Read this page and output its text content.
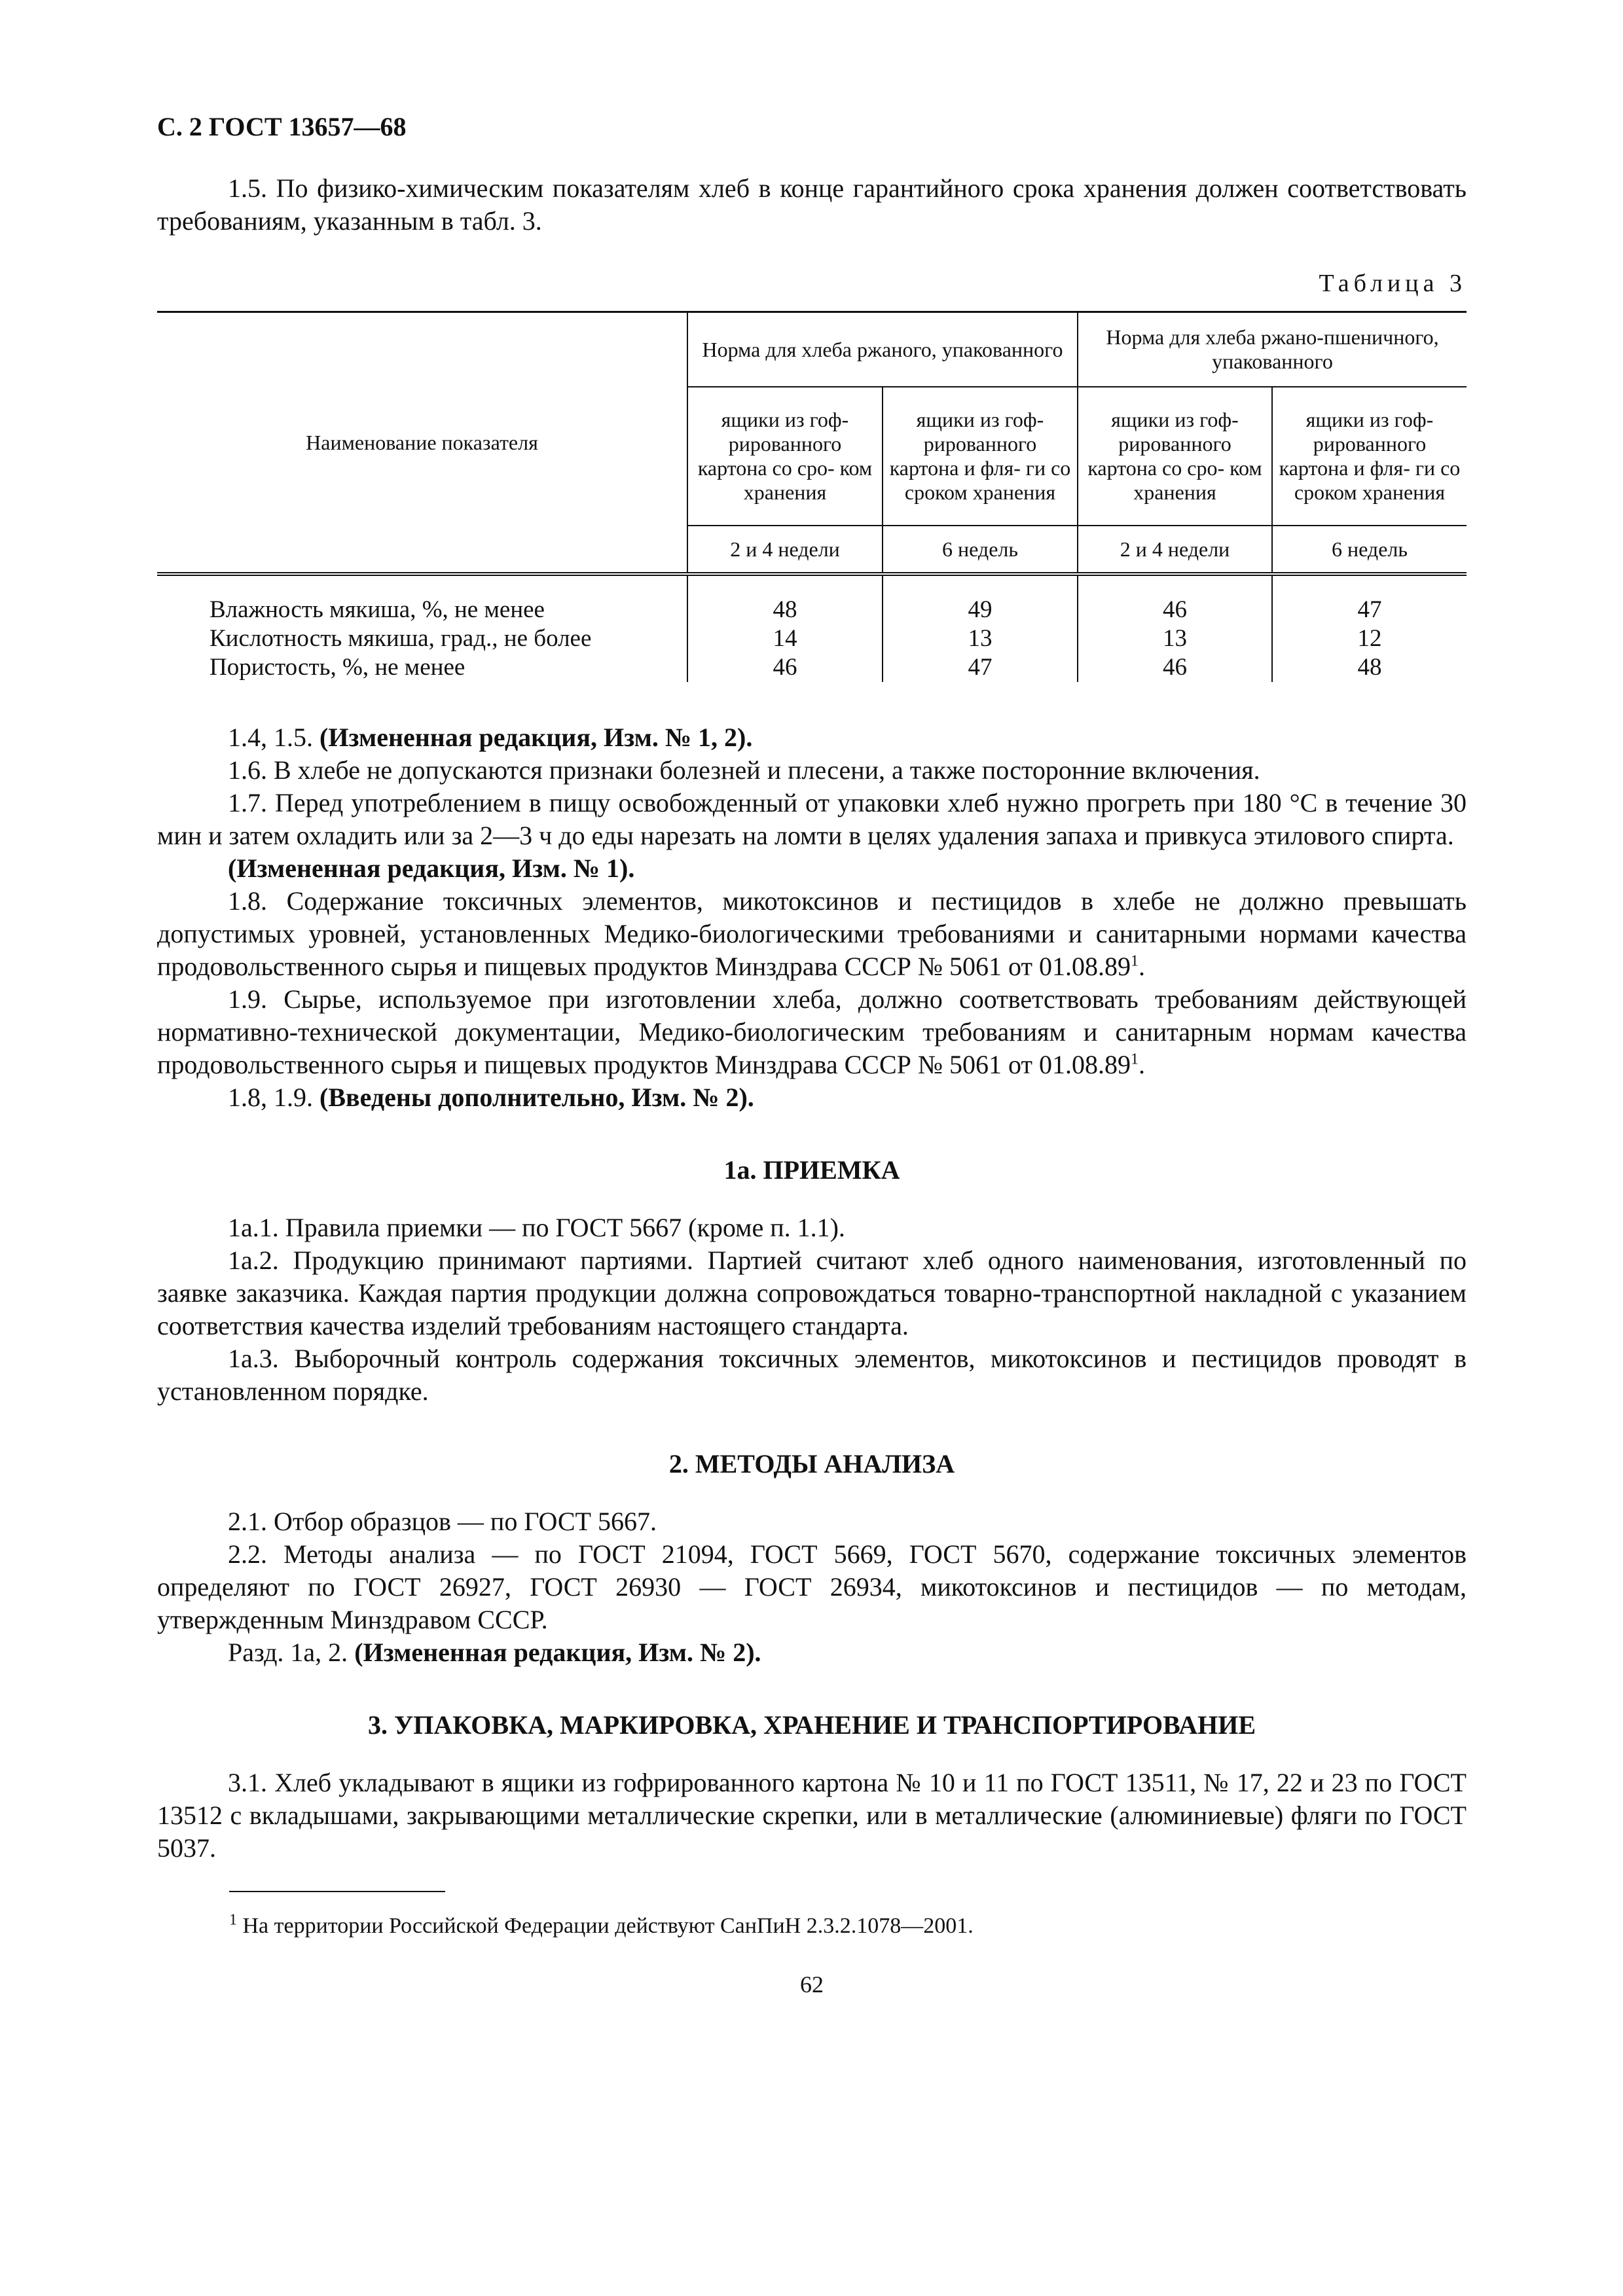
С. 2 ГОСТ 13657—68

1.5. По физико-химическим показателям хлеб в конце гарантийного срока хранения должен соответствовать требованиям, указанным в табл. 3.

Таблица 3
Наименование показателя	Норма для хлеба ржаного, упакованного		Норма для хлеба ржано-пшеничного, упакованного	
	ящики из гоф- рированного картона со сро- ком хранения	ящики из гоф- рированного картона и фля- ги со сроком хранения	ящики из гоф- рированного картона со сро- ком хранения	ящики из гоф- рированного картона и фля- ги со сроком хранения
	2 и 4 недели	6 недель	2 и 4 недели	6 недель
Влажность мякиша, %, не менее	48	49	46	47
Кислотность мякиша, град., не более	14	13	13	12
Пористость, %, не менее	46	47	46	48

1.4, 1.5. (Измененная редакция, Изм. № 1, 2).

1.6. В хлебе не допускаются признаки болезней и плесени, а также посторонние включения.

1.7. Перед употреблением в пищу освобожденный от упаковки хлеб нужно прогреть при 180 °С в течение 30 мин и затем охладить или за 2—3 ч до еды нарезать на ломти в целях удаления запаха и привкуса этилового спирта.

(Измененная редакция, Изм. № 1).

1.8. Содержание токсичных элементов, микотоксинов и пестицидов в хлебе не должно превышать допустимых уровней, установленных Медико-биологическими требованиями и санитарными нормами качества продовольственного сырья и пищевых продуктов Минздрава СССР № 5061 от 01.08.89$^1$.

1.9. Сырье, используемое при изготовлении хлеба, должно соответствовать требованиям действующей нормативно-технической документации, Медико-биологическим требованиям и санитарным нормам качества продовольственного сырья и пищевых продуктов Минздрава СССР № 5061 от 01.08.89$^1$.

1.8, 1.9. (Введены дополнительно, Изм. № 2).

1а. ПРИЕМКА

1а.1. Правила приемки — по ГОСТ 5667 (кроме п. 1.1).

1а.2. Продукцию принимают партиями. Партией считают хлеб одного наименования, изготовленный по заявке заказчика. Каждая партия продукции должна сопровождаться товарно-транспортной накладной с указанием соответствия качества изделий требованиям настоящего стандарта.

1а.3. Выборочный контроль содержания токсичных элементов, микотоксинов и пестицидов проводят в установленном порядке.

2. МЕТОДЫ АНАЛИЗА

2.1. Отбор образцов — по ГОСТ 5667.

2.2. Методы анализа — по ГОСТ 21094, ГОСТ 5669, ГОСТ 5670, содержание токсичных элементов определяют по ГОСТ 26927, ГОСТ 26930 — ГОСТ 26934, микотоксинов и пестицидов — по методам, утвержденным Минздравом СССР.

Разд. 1а, 2. (Измененная редакция, Изм. № 2).

3. УПАКОВКА, МАРКИРОВКА, ХРАНЕНИЕ И ТРАНСПОРТИРОВАНИЕ

3.1. Хлеб укладывают в ящики из гофрированного картона № 10 и 11 по ГОСТ 13511, № 17, 22 и 23 по ГОСТ 13512 с вкладышами, закрывающими металлические скрепки, или в металлические (алюминиевые) фляги по ГОСТ 5037.

$^1$ На территории Российской Федерации действуют СанПиН 2.3.2.1078—2001.
62
